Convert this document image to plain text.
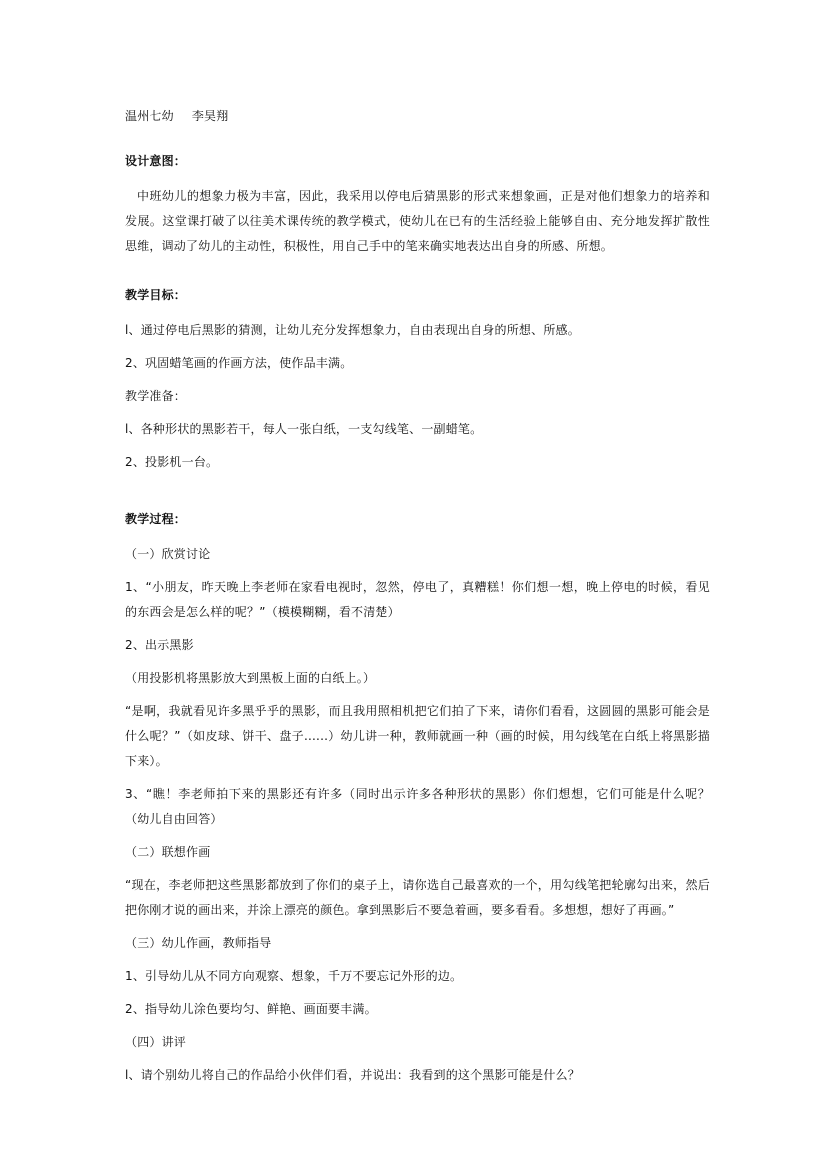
温州七幼 李昊翔

设计意图：

中班幼儿的想象力极为丰富，因此，我采用以停电后猜黑影的形式来想象画，正是对他们想象力的培养和发展。这堂课打破了以往美术课传统的教学模式，使幼儿在已有的生活经验上能够自由、充分地发挥扩散性思维，调动了幼儿的主动性，积极性，用自己手中的笔来确实地表达出自身的所感、所想。

教学目标：

l、通过停电后黑影的猜测，让幼儿充分发挥想象力，自由表现出自身的所想、所感。

2、巩固蜡笔画的作画方法，使作品丰满。

教学准备：

l、各种形状的黑影若干，每人一张白纸，一支勾线笔、一副蜡笔。

2、投影机一台。

教学过程：

（一）欣赏讨论

1、“小朋友，昨天晚上李老师在家看电视时，忽然，停电了，真糟糕！你们想一想，晚上停电的时候，看见的东西会是怎么样的呢？”（模模糊糊，看不清楚）

2、出示黑影

（用投影机将黑影放大到黑板上面的白纸上。）

“是啊，我就看见许多黑乎乎的黑影，而且我用照相机把它们拍了下来，请你们看看，这圆圆的黑影可能会是什么呢？”（如皮球、饼干、盘子......）幼儿讲一种，教师就画一种（画的时候，用勾线笔在白纸上将黑影描下来）。

3、“瞧！李老师拍下来的黑影还有许多（同时出示许多各种形状的黑影）你们想想，它们可能是什么呢？（幼儿自由回答）

（二）联想作画

“现在，李老师把这些黑影都放到了你们的桌子上，请你选自己最喜欢的一个，用勾线笔把轮廓勾出来，然后把你刚才说的画出来，并涂上漂亮的颜色。拿到黑影后不要急着画，要多看看。多想想，想好了再画。”

（三）幼儿作画，教师指导

1、引导幼儿从不同方向观察、想象，千万不要忘记外形的边。

2、指导幼儿涂色要均匀、鲜艳、画面要丰满。

（四）讲评

l、请个别幼儿将自己的作品给小伙伴们看，并说出：我看到的这个黑影可能是什么？
